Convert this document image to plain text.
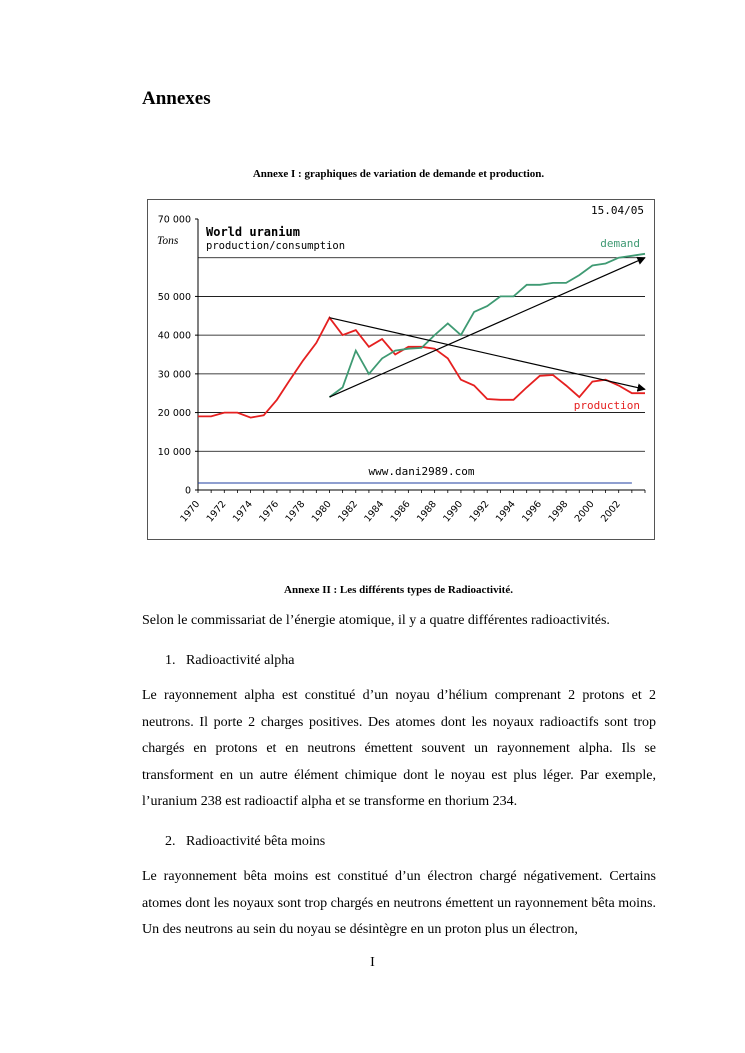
Annexes

Annexe I : graphiques de variation de demande et production.

0
10 000
20 000
30 000
40 000
50 000
70 000
1970 1972 1974 1976 1978 1980 1982 1984 1986 1988 1990 1992 1994 1996 1998 2000 2002
World uranium
production/consumption
Tons
15.04/05
demand
production
www.dani2989.com

Annexe II : Les différents types de Radioactivité.

Selon le commissariat de l’énergie atomique, il y a quatre différentes radioactivités.

1. Radioactivité alpha

Le rayonnement alpha est constitué d’un noyau d’hélium comprenant 2 protons et 2 neutrons. Il porte 2 charges positives. Des atomes dont les noyaux radioactifs sont trop chargés en protons et en neutrons émettent souvent un rayonnement alpha. Ils se transforment en un autre élément chimique dont le noyau est plus léger. Par exemple, l’uranium 238 est radioactif alpha et se transforme en thorium 234.

2. Radioactivité bêta moins

Le rayonnement bêta moins est constitué d’un électron chargé négativement. Certains atomes dont les noyaux sont trop chargés en neutrons émettent un rayonnement bêta moins. Un des neutrons au sein du noyau se désintègre en un proton plus un électron,

I
